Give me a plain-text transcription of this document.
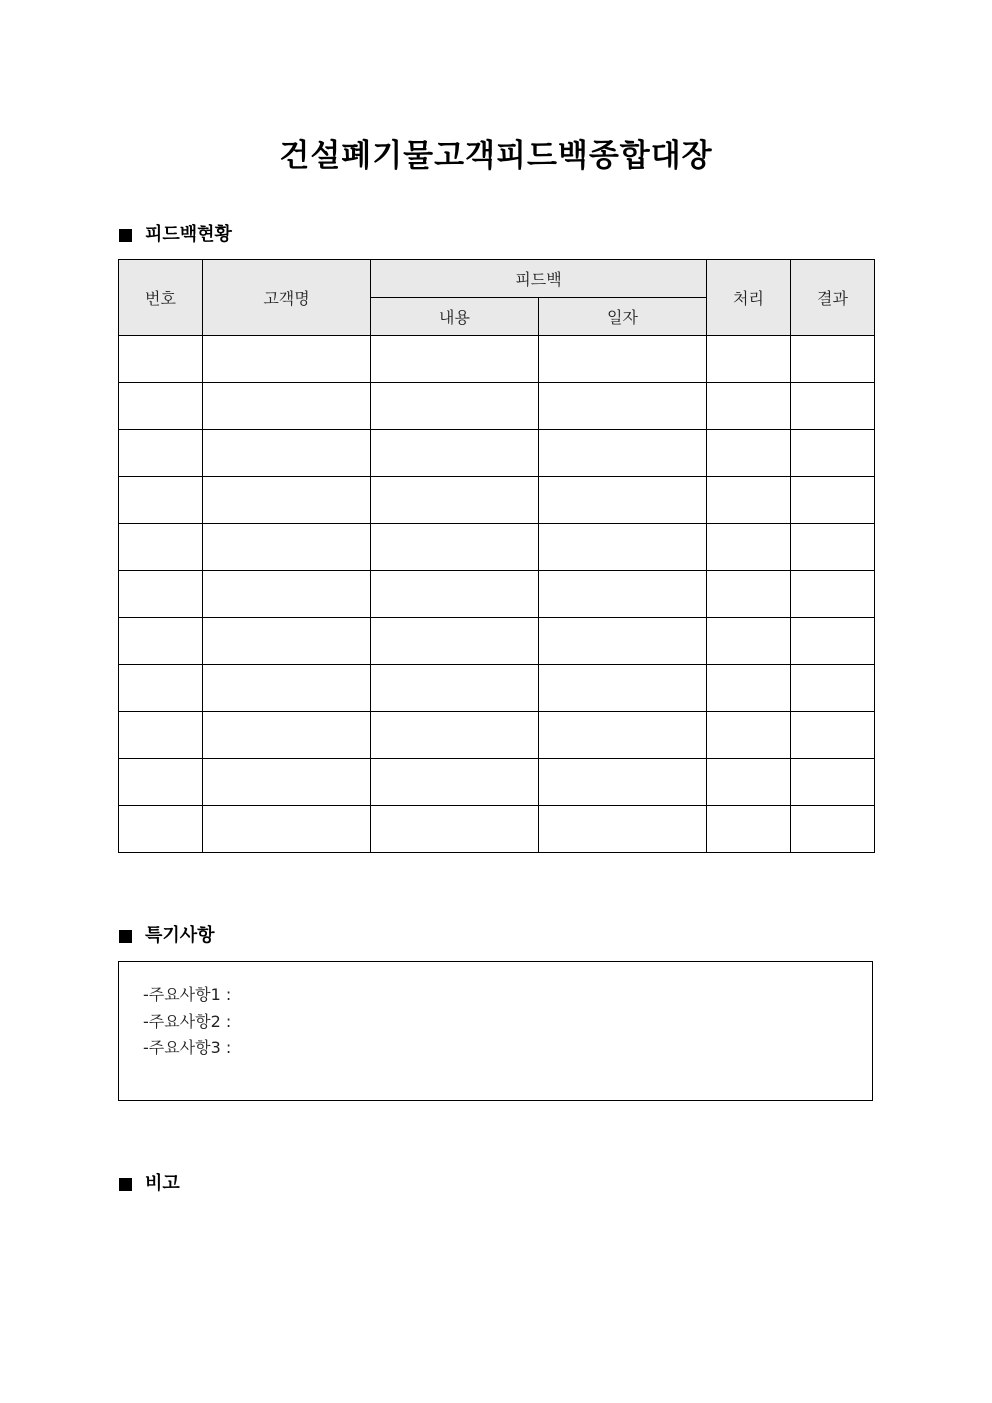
건설폐기물고객피드백종합대장
피드백현황
번호	고객명	피드백		처리	결과
		내용	일자		

특기사항
-주요사항1 :
-주요사항2 :
-주요사항3 :
비고
